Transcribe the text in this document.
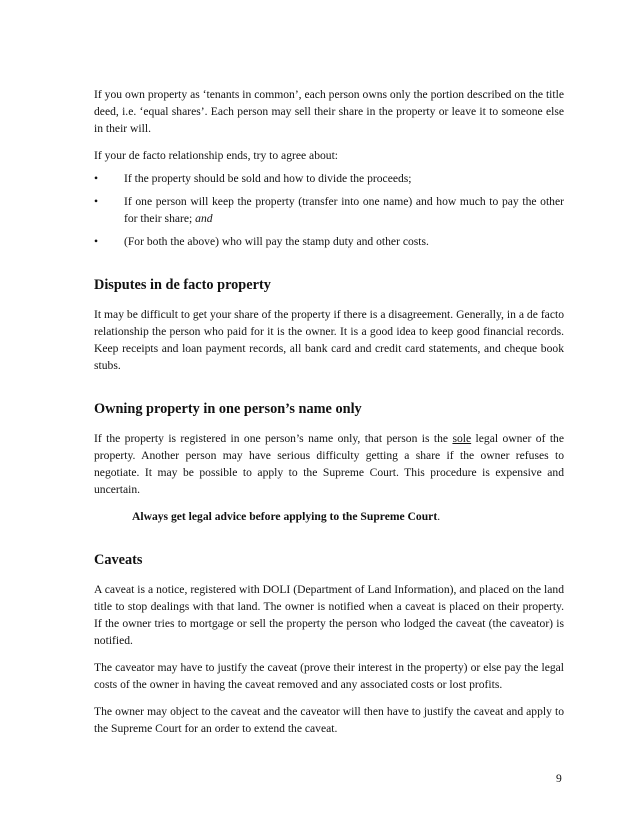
If you own property as ‘tenants in common’, each person owns only the portion described on the title deed, i.e. ‘equal shares’. Each person may sell their share in the property or leave it to someone else in their will.

If your de facto relationship ends, try to agree about:

• If the property should be sold and how to divide the proceeds;
• If one person will keep the property (transfer into one name) and how much to pay the other for their share; and
• (For both the above) who will pay the stamp duty and other costs.
Disputes in de facto property

It may be difficult to get your share of the property if there is a disagreement. Generally, in a de facto relationship the person who paid for it is the owner. It is a good idea to keep good financial records. Keep receipts and loan payment records, all bank card and credit card statements, and cheque book stubs.

Owning property in one person’s name only

If the property is registered in one person’s name only, that person is the sole legal owner of the property. Another person may have serious difficulty getting a share if the owner refuses to negotiate. It may be possible to apply to the Supreme Court. This procedure is expensive and uncertain.

Always get legal advice before applying to the Supreme Court.

Caveats

A caveat is a notice, registered with DOLI (Department of Land Information), and placed on the land title to stop dealings with that land. The owner is notified when a caveat is placed on their property. If the owner tries to mortgage or sell the property the person who lodged the caveat (the caveator) is notified.

The caveator may have to justify the caveat (prove their interest in the property) or else pay the legal costs of the owner in having the caveat removed and any associated costs or lost profits.

The owner may object to the caveat and the caveator will then have to justify the caveat and apply to the Supreme Court for an order to extend the caveat.

9
